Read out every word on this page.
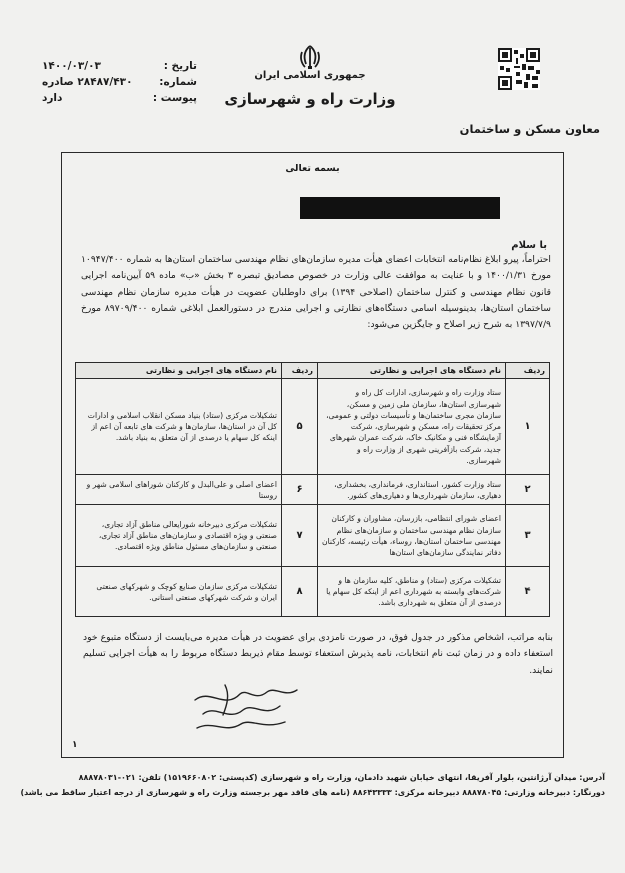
تاریخ :
۱۴۰۰/۰۳/۰۳
شماره:
۲۸۴۸۷/۴۳۰ صادره
پیوست :
دارد
جمهوری اسلامی ایران
وزارت راه و شهرسازی
معاون مسکن و ساختمان
بسمه تعالی
با سلام
احتراماً، پیرو ابلاغ نظام‌نامه انتخابات اعضای هیأت مدیره سازمان‌های نظام مهندسی ساختمان استان‌ها به شماره ۱۰۹۴۷/۴۰۰ مورخ ۱۴۰۰/۱/۳۱ و با عنایت به موافقت عالی وزارت در خصوص مصادیق تبصره ۳ بخش «ب» ماده ۵۹ آیین‌نامه اجرایی قانون نظام مهندسی و کنترل ساختمان (اصلاحی ۱۳۹۴) برای داوطلبان عضویت در هیأت مدیره سازمان نظام مهندسی ساختمان استان‌ها، بدینوسیله اسامی دستگاه‌های نظارتی و اجرایی مندرج در دستورالعمل ابلاغی شماره ۸۹۷۰۹/۴۰۰ مورخ ۱۳۹۷/۷/۹ به شرح زیر اصلاح و جایگزین می‌شود:
ردیف	نام دستگاه های اجرایی و نظارتی	ردیف	نام دستگاه های اجرایی و نظارتی
۱	ستاد وزارت راه و شهرسازی، ادارات کل راه و شهرسازی استان‌ها، سازمان ملی زمین و مسکن، سازمان مجری ساختمان‌ها و تأسیسات دولتی و عمومی، مرکز تحقیقات راه، مسکن و شهرسازی، شرکت آزمایشگاه فنی و مکانیک خاک، شرکت عمران شهرهای جدید، شرکت بازآفرینی شهری از وزارت راه و شهرسازی.	۵	تشکیلات مرکزی (ستاد) بنیاد مسکن انقلاب اسلامی و ادارات کل آن در استان‌ها، سازمان‌ها و شرکت های تابعه آن اعم از اینکه کل سهام یا درصدی از آن متعلق به بنیاد باشد.
۲	ستاد وزارت کشور، استانداری، فرمانداری، بخشداری، دهیاری، سازمان شهرداری‌ها و دهیاری‌های کشور.	۶	اعضای اصلی و علی‌البدل و کارکنان شوراهای اسلامی شهر و روستا
۳	اعضای شورای انتظامی، بازرسان، مشاوران و کارکنان سازمان نظام مهندسی ساختمان و سازمان‌های نظام مهندسی ساختمان استان‌ها، روساء، هیأت رئیسه، کارکنان دفاتر نمایندگی سازمان‌های استان‌ها	۷	تشکیلات مرکزی دبیرخانه شورایعالی مناطق آزاد تجاری، صنعتی و ویژه اقتصادی و سازمان‌های مناطق آزاد تجاری، صنعتی و سازمان‌های مسئول مناطق ویژه اقتصادی.
۴	تشکیلات مرکزی (ستاد) و مناطق، کلیه سازمان ها و شرکت‌های وابسته به شهرداری اعم از اینکه کل سهام یا درصدی از آن متعلق به شهرداری باشد.	۸	تشکیلات مرکزی سازمان صنایع کوچک و شهرکهای صنعتی ایران و شرکت شهرکهای صنعتی استانی.
بنابه مراتب، اشخاص مذکور در جدول فوق، در صورت نامزدی برای عضویت در هیأت مدیره می‌بایست از دستگاه متبوع خود استعفاء داده و در زمان ثبت نام انتخابات، نامه پذیرش استعفاء توسط مقام ذیربط دستگاه مربوط را به هیأت اجرایی تسلیم نمایند.
۱
آدرس: میدان آرژانتین، بلوار آفریقا، انتهای خیابان شهید دادمان، وزارت راه و شهرسازی (کدپستی: ۱۵۱۹۶۶۰۸۰۲) تلفن: ۰۲۱-۸۸۸۷۸۰۳۱
دورنگار: دبیرخانه وزارتی: ۸۸۸۷۸۰۴۵ دبیرخانه مرکزی: ۸۸۶۴۳۳۳۳ (نامه های فاقد مهر برجسته وزارت راه و شهرسازی از درجه اعتبار ساقط می باشد)
